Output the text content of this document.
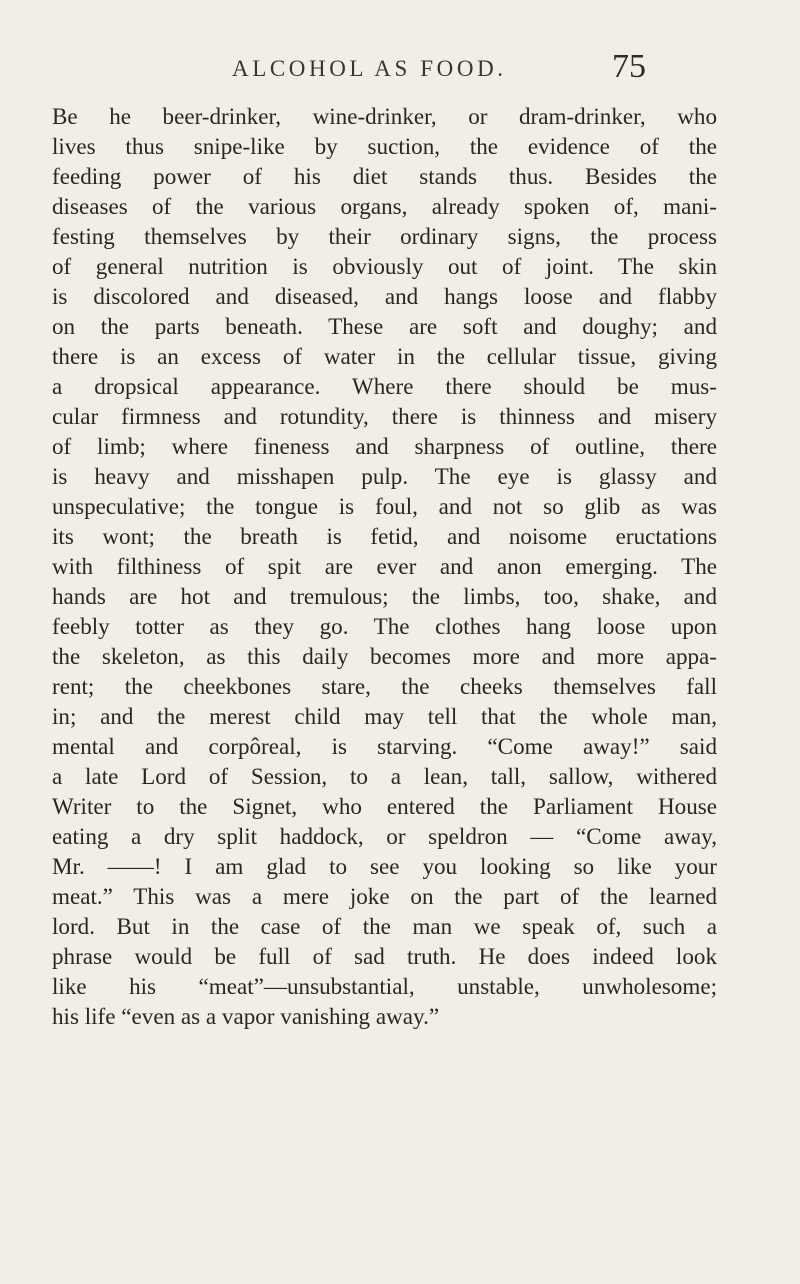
ALCOHOL AS FOOD.	75
Be he beer-drinker, wine-drinker, or dram-drinker, who
lives thus snipe-like by suction, the evidence of the
feeding power of his diet stands thus. Besides the
diseases of the various organs, already spoken of, mani-
festing themselves by their ordinary signs, the process
of general nutrition is obviously out of joint. The skin
is discolored and diseased, and hangs loose and flabby
on the parts beneath. These are soft and doughy; and
there is an excess of water in the cellular tissue, giving
a dropsical appearance. Where there should be mus-
cular firmness and rotundity, there is thinness and misery
of limb; where fineness and sharpness of outline, there
is heavy and misshapen pulp. The eye is glassy and
unspeculative; the tongue is foul, and not so glib as was
its wont; the breath is fetid, and noisome eructations
with filthiness of spit are ever and anon emerging. The
hands are hot and tremulous; the limbs, too, shake, and
feebly totter as they go. The clothes hang loose upon
the skeleton, as this daily becomes more and more appa-
rent; the cheekbones stare, the cheeks themselves fall
in; and the merest child may tell that the whole man,
mental and corpôreal, is starving. “Come away!” said
a late Lord of Session, to a lean, tall, sallow, withered
Writer to the Signet, who entered the Parliament House
eating a dry split haddock, or speldron — “Come away,
Mr. ——! I am glad to see you looking so like your
meat.” This was a mere joke on the part of the learned
lord. But in the case of the man we speak of, such a
phrase would be full of sad truth. He does indeed look
like his “meat”—unsubstantial, unstable, unwholesome;
his life “even as a vapor vanishing away.”
